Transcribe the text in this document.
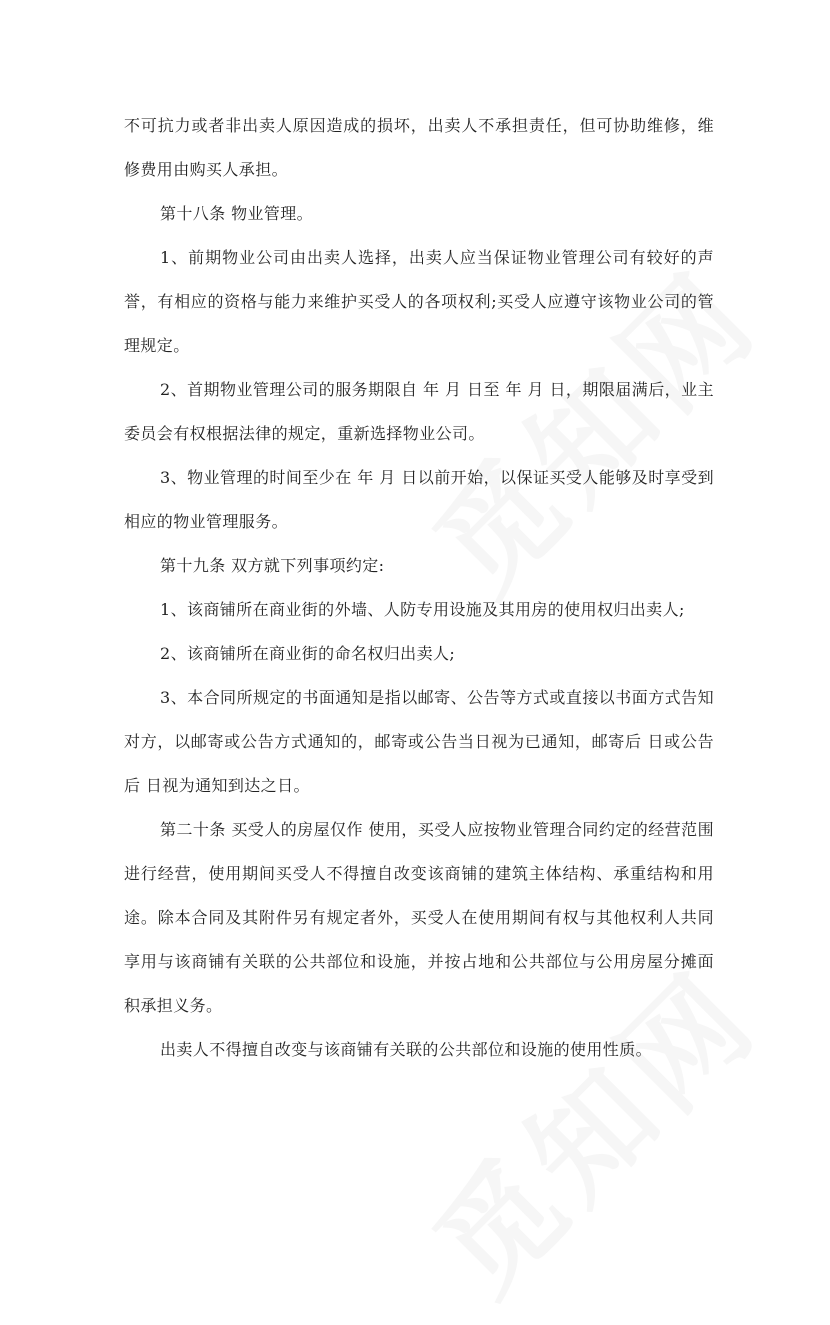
不可抗力或者非出卖人原因造成的损坏，出卖人不承担责任，但可协助维修，维修费用由购买人承担。

第十八条 物业管理。

1、前期物业公司由出卖人选择，出卖人应当保证物业管理公司有较好的声誉，有相应的资格与能力来维护买受人的各项权利;买受人应遵守该物业公司的管理规定。

2、首期物业管理公司的服务期限自 年 月 日至 年 月 日，期限届满后，业主委员会有权根据法律的规定，重新选择物业公司。

3、物业管理的时间至少在 年 月 日以前开始，以保证买受人能够及时享受到相应的物业管理服务。

第十九条 双方就下列事项约定:

1、该商铺所在商业街的外墙、人防专用设施及其用房的使用权归出卖人;

2、该商铺所在商业街的命名权归出卖人;

3、本合同所规定的书面通知是指以邮寄、公告等方式或直接以书面方式告知对方，以邮寄或公告方式通知的，邮寄或公告当日视为已通知，邮寄后 日或公告后 日视为通知到达之日。

第二十条 买受人的房屋仅作 使用，买受人应按物业管理合同约定的经营范围进行经营，使用期间买受人不得擅自改变该商铺的建筑主体结构、承重结构和用途。除本合同及其附件另有规定者外，买受人在使用期间有权与其他权利人共同享用与该商铺有关联的公共部位和设施，并按占地和公共部位与公用房屋分摊面积承担义务。

出卖人不得擅自改变与该商铺有关联的公共部位和设施的使用性质。
